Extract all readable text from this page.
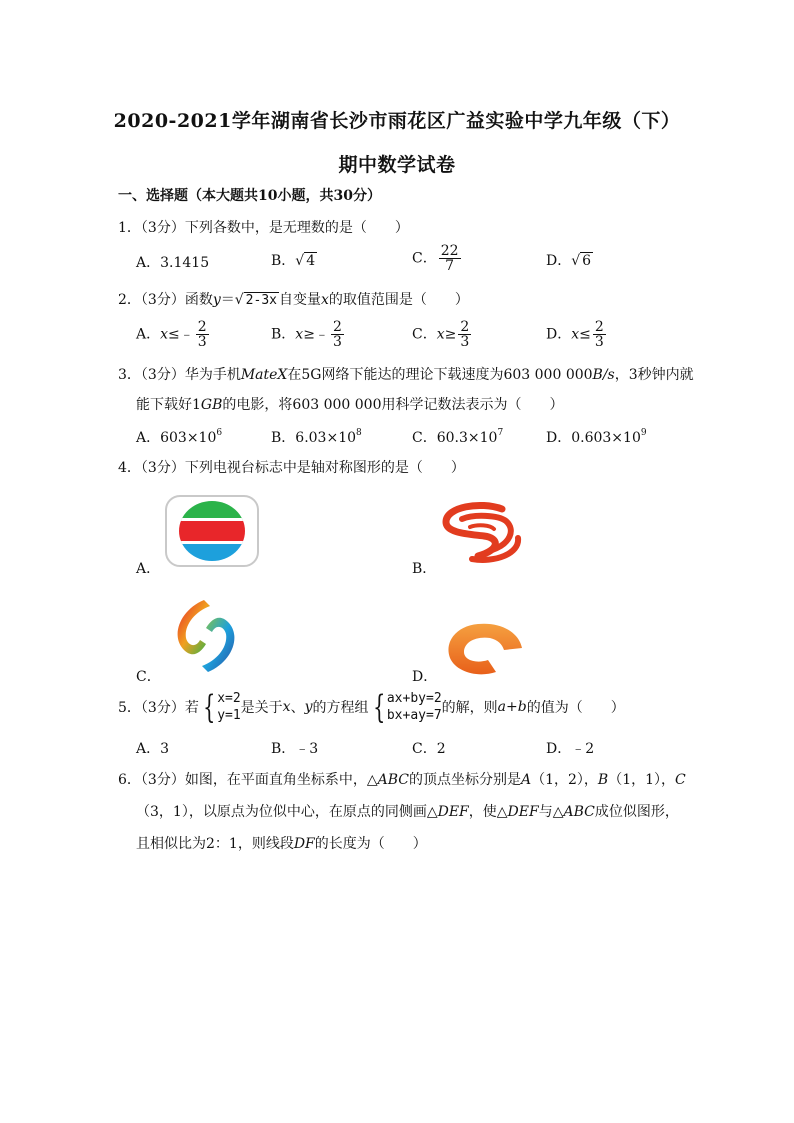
2020-2021学年湖南省长沙市雨花区广益实验中学九年级（下）
期中数学试卷
一、选择题（本大题共10小题，共30分）
1．（3分）下列各数中，是无理数的是（　　）
A．3.1415	B．√ 4	C． $\frac{22}{7}$	D．√ 6
2．（3分）函数y＝√ 2-3x 自变量x的取值范围是（　　）
A．x≤﹣ $\frac{2}{3}$	B．x≥﹣ $\frac{2}{3}$	C．$x\ge \frac{2}{3}$	D．$x\le \frac{2}{3}$
3．（3分）华为手机MateX在5G网络下能达的理论下载速度为603 000 000B/s，3秒钟内就
能下载好1GB的电影，将603 000 000用科学记数法表示为（　　）
A．$603\times 10^6$	B．$6.03\times 10^8$	C．$60.3\times 10^7$	D．$0.603\times 10^9$
4．（3分）下列电视台标志中是轴对称图形的是（　　）
A．	B．
C．	D．
5．（3分）若 { x=2
y=1 是关于x、y的方程组 { ax+by=2
bx+ay=7 的解，则a+b的值为（　　）
A．3	B．﹣3	C．2	D．﹣2
6．（3分）如图，在平面直角坐标系中，△ABC的顶点坐标分别是A（1，2），B（1，1），C
（3，1），以原点为位似中心，在原点的同侧画△DEF，使△DEF与△ABC成位似图形，
且相似比为2：1，则线段DF的长度为（　　）
